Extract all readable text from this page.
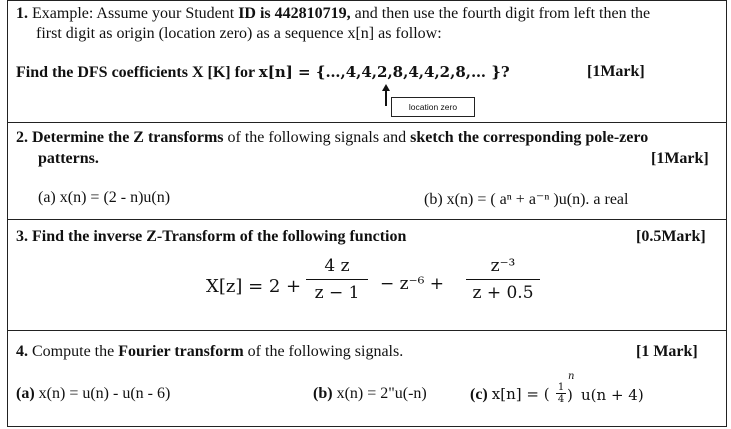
1. Example: Assume your Student ID is 442810719, and then use the fourth digit from left then the
first digit as origin (location zero) as a sequence x[n] as follow:
Find the DFS coefficients X [K] for x[n] = {…,4,4,2,8,4,4,2,8,… }?	[1Mark]
location zero
2. Determine the Z transforms of the following signals and sketch the corresponding pole-zero
patterns.	[1Mark]
(a) x(n) = (2 - n)u(n)	(b) x(n) = ( aⁿ + a⁻ⁿ )u(n). a real
3. Find the inverse Z-Transform of the following function	[0.5Mark]
X[z] = 2 +
4 z
z − 1	− z⁻⁶ +
z⁻³
z + 0.5
4. Compute the Fourier transform of the following signals.	[1 Mark]
(a) x(n) = u(n) - u(n - 6)	(b) x(n) = 2"u(-n)	(c) x[n] = ( 1
4 )
n
u(n + 4)
